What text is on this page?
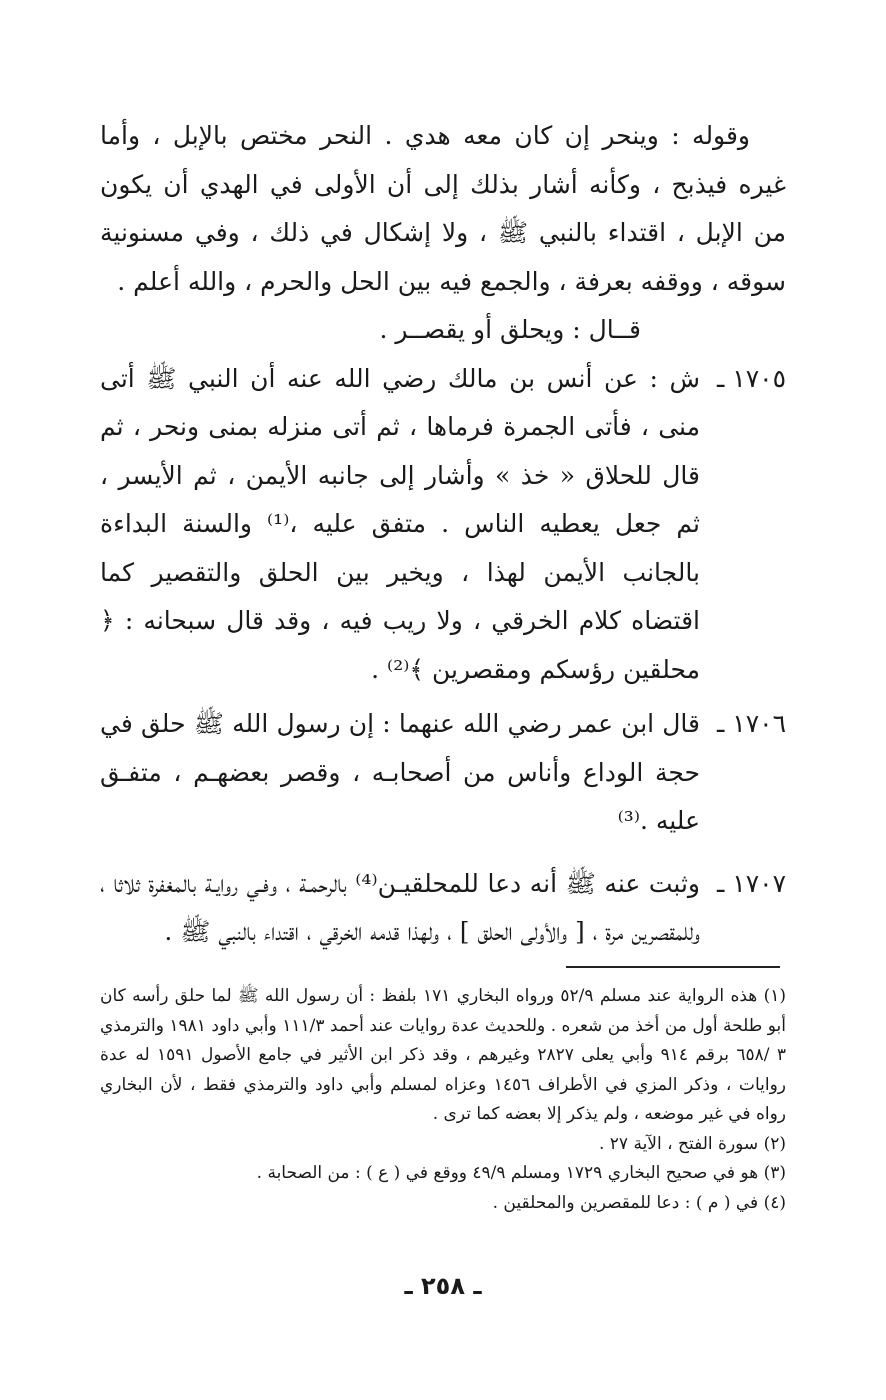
وقوله : وينحر إن كان معه هدي . النحر مختص بالإبل ، وأما غيره فيذبح ، وكأنه أشار بذلك إلى أن الأولى في الهدي أن يكون من الإبل ، اقتداء بالنبي ﷺ ، ولا إشكال في ذلك ، وفي مسنونية سوقه ، ووقفه بعرفة ، والجمع فيه بين الحل والحرم ، والله أعلم .

قــال : ويحلق أو يقصــر .

١٧٠٥ ـ
ش : عن أنس بن مالك رضي الله عنه أن النبي ﷺ أتى منى ، فأتى الجمرة فرماها ، ثم أتى منزله بمنى ونحر ، ثم قال للحلاق « خذ » وأشار إلى جانبه الأيمن ، ثم الأيسر ، ثم جعل يعطيه الناس . متفق عليه ،⁽¹⁾ والسنة البداءة بالجانب الأيمن لهذا ، ويخير بين الحلق والتقصير كما اقتضاه كلام الخرقي ، ولا ريب فيه ، وقد قال سبحانه : ﴿ محلقين رؤسكم ومقصرين ﴾⁽²⁾ .
١٧٠٦ ـ
قال ابن عمر رضي الله عنهما : إن رسول الله ﷺ حلق في حجة الوداع وأناس من أصحابـه ، وقصر بعضهـم ، متفـق عليه .⁽³⁾
١٧٠٧ ـ
وثبت عنه ﷺ أنه دعا للمحلقيـن⁽⁴⁾ بالرحمـة ، وفـي روايـة بالمغفرة ثلاثا ، وللمقصرين مرة ، [ والأولى الحلق ] ، ولهذا قدمه الخرقي ، اقتداء بالنبي ﷺ .

(١) هذه الرواية عند مسلم ٥٢/٩ ورواه البخاري ١٧١ بلفظ : أن رسول الله ﷺ لما حلق رأسه كان أبو طلحة أول من أخذ من شعره . وللحديث عدة روايات عند أحمد ١١١/٣ وأبي داود ١٩٨١ والترمذي ٣ /٦٥٨ برقم ٩١٤ وأبي يعلى ٢٨٢٧ وغيرهم ، وقد ذكر ابن الأثير في جامع الأصول ١٥٩١ له عدة روايات ، وذكر المزي في الأطراف ١٤٥٦ وعزاه لمسلم وأبي داود والترمذي فقط ، لأن البخاري رواه في غير موضعه ، ولم يذكر إلا بعضه كما ترى .

(٢) سورة الفتح ، الآية ٢٧ .

(٣) هو في صحيح البخاري ١٧٢٩ ومسلم ٤٩/٩ ووقع في ( ع ) : من الصحابة .

(٤) في ( م ) : دعا للمقصرين والمحلقين .

ـ ٢٥٨ ـ
